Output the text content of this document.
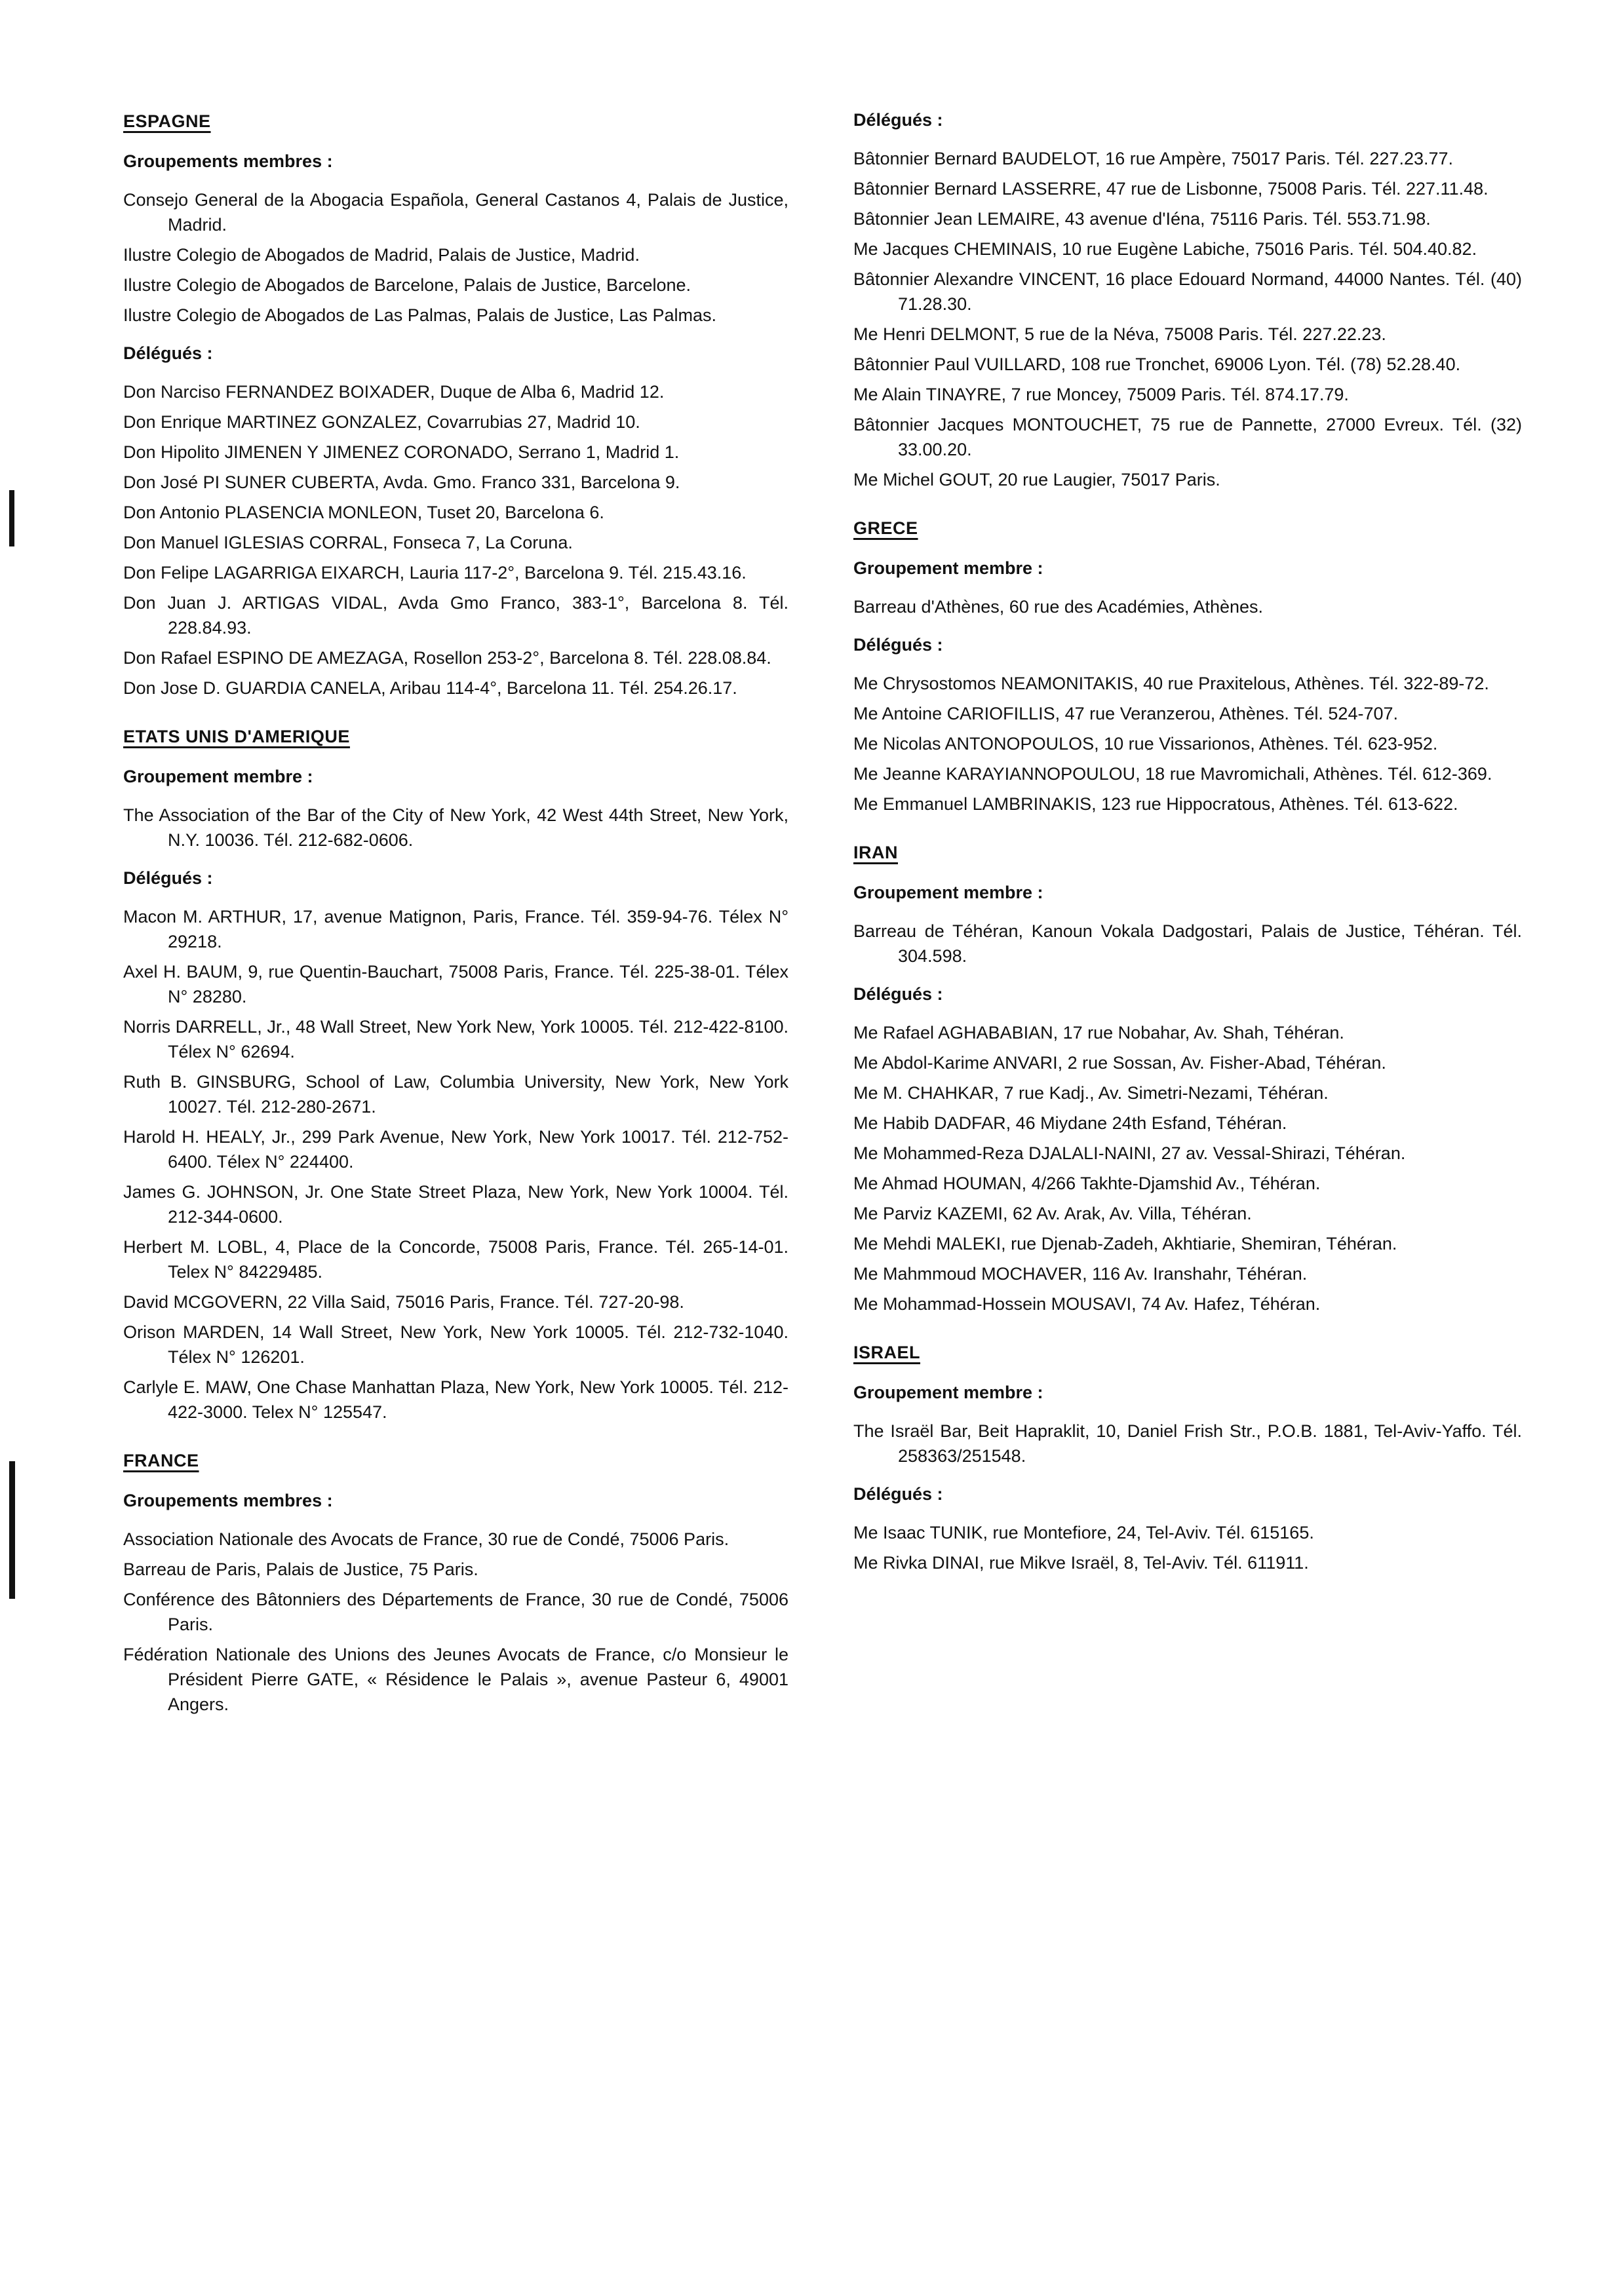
ESPAGNE
Groupements membres :
Consejo General de la Abogacia Española, General Castanos 4, Palais de Justice, Madrid.
Ilustre Colegio de Abogados de Madrid, Palais de Justice, Madrid.
Ilustre Colegio de Abogados de Barcelone, Palais de Justice, Barcelone.
Ilustre Colegio de Abogados de Las Palmas, Palais de Justice, Las Palmas.
Délégués :
Don Narciso FERNANDEZ BOIXADER, Duque de Alba 6, Madrid 12.
Don Enrique MARTINEZ GONZALEZ, Covarrubias 27, Madrid 10.
Don Hipolito JIMENEN Y JIMENEZ CORONADO, Serrano 1, Madrid 1.
Don José PI SUNER CUBERTA, Avda. Gmo. Franco 331, Barcelona 9.
Don Antonio PLASENCIA MONLEON, Tuset 20, Barcelona 6.
Don Manuel IGLESIAS CORRAL, Fonseca 7, La Coruna.
Don Felipe LAGARRIGA EIXARCH, Lauria 117-2°, Barcelona 9. Tél. 215.43.16.
Don Juan J. ARTIGAS VIDAL, Avda Gmo Franco, 383-1°, Barcelona 8. Tél. 228.84.93.
Don Rafael ESPINO DE AMEZAGA, Rosellon 253-2°, Barcelona 8. Tél. 228.08.84.
Don Jose D. GUARDIA CANELA, Aribau 114-4°, Barcelona 11. Tél. 254.26.17.
ETATS UNIS D'AMERIQUE
Groupement membre :
The Association of the Bar of the City of New York, 42 West 44th Street, New York, N.Y. 10036. Tél. 212-682-0606.
Délégués :
Macon M. ARTHUR, 17, avenue Matignon, Paris, France. Tél. 359-94-76. Télex N° 29218.
Axel H. BAUM, 9, rue Quentin-Bauchart, 75008 Paris, France. Tél. 225-38-01. Télex N° 28280.
Norris DARRELL, Jr., 48 Wall Street, New York New, York 10005. Tél. 212-422-8100. Télex N° 62694.
Ruth B. GINSBURG, School of Law, Columbia University, New York, New York 10027. Tél. 212-280-2671.
Harold H. HEALY, Jr., 299 Park Avenue, New York, New York 10017. Tél. 212-752-6400. Télex N° 224400.
James G. JOHNSON, Jr. One State Street Plaza, New York, New York 10004. Tél. 212-344-0600.
Herbert M. LOBL, 4, Place de la Concorde, 75008 Paris, France. Tél. 265-14-01. Telex N° 84229485.
David MCGOVERN, 22 Villa Said, 75016 Paris, France. Tél. 727-20-98.
Orison MARDEN, 14 Wall Street, New York, New York 10005. Tél. 212-732-1040. Télex N° 126201.
Carlyle E. MAW, One Chase Manhattan Plaza, New York, New York 10005. Tél. 212-422-3000. Telex N° 125547.
FRANCE
Groupements membres :
Association Nationale des Avocats de France, 30 rue de Condé, 75006 Paris.
Barreau de Paris, Palais de Justice, 75 Paris.
Conférence des Bâtonniers des Départements de France, 30 rue de Condé, 75006 Paris.
Fédération Nationale des Unions des Jeunes Avocats de France, c/o Monsieur le Président Pierre GATE, « Résidence le Palais », avenue Pasteur 6, 49001 Angers.
Délégués :
Bâtonnier Bernard BAUDELOT, 16 rue Ampère, 75017 Paris. Tél. 227.23.77.
Bâtonnier Bernard LASSERRE, 47 rue de Lisbonne, 75008 Paris. Tél. 227.11.48.
Bâtonnier Jean LEMAIRE, 43 avenue d'Iéna, 75116 Paris. Tél. 553.71.98.
Me Jacques CHEMINAIS, 10 rue Eugène Labiche, 75016 Paris. Tél. 504.40.82.
Bâtonnier Alexandre VINCENT, 16 place Edouard Normand, 44000 Nantes. Tél. (40) 71.28.30.
Me Henri DELMONT, 5 rue de la Néva, 75008 Paris. Tél. 227.22.23.
Bâtonnier Paul VUILLARD, 108 rue Tronchet, 69006 Lyon. Tél. (78) 52.28.40.
Me Alain TINAYRE, 7 rue Moncey, 75009 Paris. Tél. 874.17.79.
Bâtonnier Jacques MONTOUCHET, 75 rue de Pannette, 27000 Evreux. Tél. (32) 33.00.20.
Me Michel GOUT, 20 rue Laugier, 75017 Paris.
GRECE
Groupement membre :
Barreau d'Athènes, 60 rue des Académies, Athènes.
Délégués :
Me Chrysostomos NEAMONITAKIS, 40 rue Praxitelous, Athènes. Tél. 322-89-72.
Me Antoine CARIOFILLIS, 47 rue Veranzerou, Athènes. Tél. 524-707.
Me Nicolas ANTONOPOULOS, 10 rue Vissarionos, Athènes. Tél. 623-952.
Me Jeanne KARAYIANNOPOULOU, 18 rue Mavromichali, Athènes. Tél. 612-369.
Me Emmanuel LAMBRINAKIS, 123 rue Hippocratous, Athènes. Tél. 613-622.
IRAN
Groupement membre :
Barreau de Téhéran, Kanoun Vokala Dadgostari, Palais de Justice, Téhéran. Tél. 304.598.
Délégués :
Me Rafael AGHABABIAN, 17 rue Nobahar, Av. Shah, Téhéran.
Me Abdol-Karime ANVARI, 2 rue Sossan, Av. Fisher-Abad, Téhéran.
Me M. CHAHKAR, 7 rue Kadj., Av. Simetri-Nezami, Téhéran.
Me Habib DADFAR, 46 Miydane 24th Esfand, Téhéran.
Me Mohammed-Reza DJALALI-NAINI, 27 av. Vessal-Shirazi, Téhéran.
Me Ahmad HOUMAN, 4/266 Takhte-Djamshid Av., Téhéran.
Me Parviz KAZEMI, 62 Av. Arak, Av. Villa, Téhéran.
Me Mehdi MALEKI, rue Djenab-Zadeh, Akhtiarie, Shemiran, Téhéran.
Me Mahmmoud MOCHAVER, 116 Av. Iranshahr, Téhéran.
Me Mohammad-Hossein MOUSAVI, 74 Av. Hafez, Téhéran.
ISRAEL
Groupement membre :
The Israël Bar, Beit Hapraklit, 10, Daniel Frish Str., P.O.B. 1881, Tel-Aviv-Yaffo. Tél. 258363/251548.
Délégués :
Me Isaac TUNIK, rue Montefiore, 24, Tel-Aviv. Tél. 615165.
Me Rivka DINAI, rue Mikve Israël, 8, Tel-Aviv. Tél. 611911.
